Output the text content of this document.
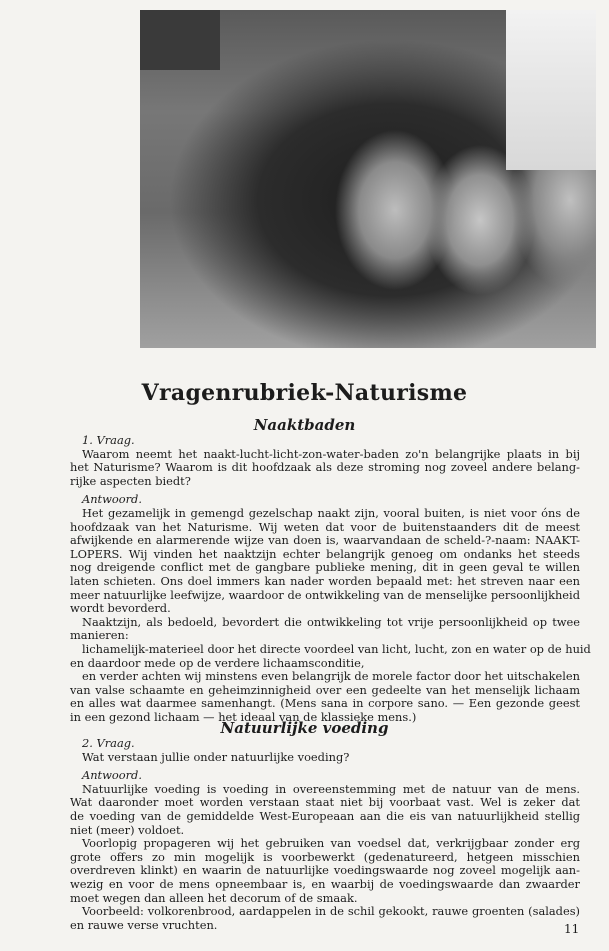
Vragenrubriek-Naturisme
Naaktbaden
1. Vraag.
Waarom neemt het naakt-lucht-licht-zon-water-baden zo'n belangrijke plaats in bij
het Naturisme? Waarom is dit hoofdzaak als deze stroming nog zoveel andere belang-
rijke aspecten biedt?
Antwoord.
Het gezamelijk in gemengd gezelschap naakt zijn, vooral buiten, is niet voor óns de
hoofdzaak van het Naturisme. Wij weten dat voor de buitenstaanders dit de meest
afwijkende en alarmerende wijze van doen is, waarvandaan de scheld-?-naam: NAAKT-
LOPERS. Wij vinden het naaktzijn echter belangrijk genoeg om ondanks het steeds
nog dreigende conflict met de gangbare publieke mening, dit in geen geval te willen
laten schieten. Ons doel immers kan nader worden bepaald met: het streven naar een
meer natuurlijke leefwijze, waardoor de ontwikkeling van de menselijke persoonlijkheid
wordt bevorderd.
Naaktzijn, als bedoeld, bevordert die ontwikkeling tot vrije persoonlijkheid op twee
manieren:
lichamelijk-materieel door het directe voordeel van licht, lucht, zon en water op de huid
en daardoor mede op de verdere lichaamsconditie,
en verder achten wij minstens even belangrijk de morele factor door het uitschakelen
van valse schaamte en geheimzinnigheid over een gedeelte van het menselijk lichaam
en alles wat daarmee samenhangt. (Mens sana in corpore sano. — Een gezonde geest
in een gezond lichaam — het ideaal van de klassieke mens.)
Natuurlijke voeding
2. Vraag.
Wat verstaan jullie onder natuurlijke voeding?
Antwoord.
Natuurlijke voeding is voeding in overeenstemming met de natuur van de mens.
Wat daaronder moet worden verstaan staat niet bij voorbaat vast. Wel is zeker dat
de voeding van de gemiddelde West-Europeaan aan die eis van natuurlijkheid stellig
niet (meer) voldoet.
Voorlopig propageren wij het gebruiken van voedsel dat, verkrijgbaar zonder erg
grote offers zo min mogelijk is voorbewerkt (gedenatureerd, hetgeen misschien
overdreven klinkt) en waarin de natuurlijke voedingswaarde nog zoveel mogelijk aan-
wezig en voor de mens opneembaar is, en waarbij de voedingswaarde dan zwaarder
moet wegen dan alleen het decorum of de smaak.
Voorbeeld: volkorenbrood, aardappelen in de schil gekookt, rauwe groenten (salades)
en rauwe verse vruchten.	11
